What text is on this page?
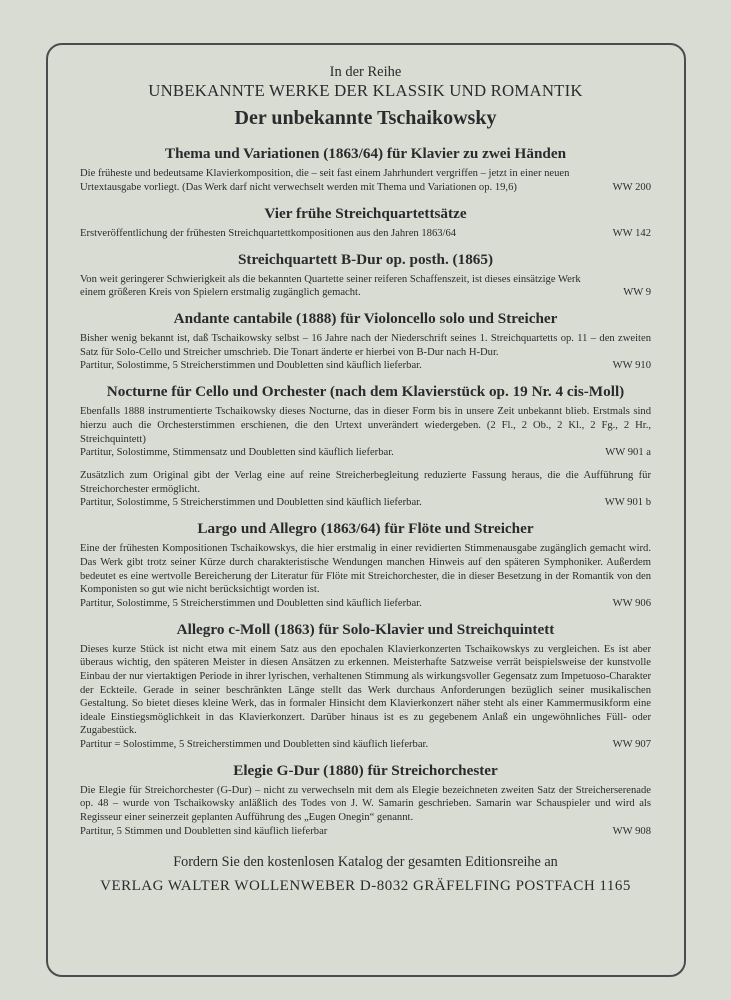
In der Reihe
UNBEKANNTE WERKE DER KLASSIK UND ROMANTIK
Der unbekannte Tschaikowsky
Thema und Variationen (1863/64) für Klavier zu zwei Händen
Die früheste und bedeutsame Klavierkomposition, die – seit fast einem Jahrhundert vergriffen – jetzt in einer neuen
Urtextausgabe vorliegt. (Das Werk darf nicht verwechselt werden mit Thema und Variationen op. 19,6)	WW 200
Vier frühe Streichquartettsätze
Erstveröffentlichung der frühesten Streichquartettkompositionen aus den Jahren 1863/64	WW 142
Streichquartett B-Dur op. posth. (1865)
Von weit geringerer Schwierigkeit als die bekannten Quartette seiner reiferen Schaffenszeit, ist dieses einsätzige Werk
einem größeren Kreis von Spielern erstmalig zugänglich gemacht.	WW 9
Andante cantabile (1888) für Violoncello solo und Streicher
Bisher wenig bekannt ist, daß Tschaikowsky selbst – 16 Jahre nach der Niederschrift seines 1. Streichquartetts op. 11 – den zweiten Satz für Solo-Cello und Streicher umschrieb. Die Tonart änderte er hierbei von B-Dur nach H-Dur.
Partitur, Solostimme, 5 Streicherstimmen und Doubletten sind käuflich lieferbar.	WW 910
Nocturne für Cello und Orchester (nach dem Klavierstück op. 19 Nr. 4 cis-Moll)
Ebenfalls 1888 instrumentierte Tschaikowsky dieses Nocturne, das in dieser Form bis in unsere Zeit unbekannt blieb. Erstmals sind hierzu auch die Orchesterstimmen erschienen, die den Urtext unverändert wiedergeben. (2 Fl., 2 Ob., 2 Kl., 2 Fg., 2 Hr., Streichquintett)
Partitur, Solostimme, Stimmensatz und Doubletten sind käuflich lieferbar.	WW 901 a
Zusätzlich zum Original gibt der Verlag eine auf reine Streicherbegleitung reduzierte Fassung heraus, die die Aufführung für Streichorchester ermöglicht.
Partitur, Solostimme, 5 Streicherstimmen und Doubletten sind käuflich lieferbar.	WW 901 b
Largo und Allegro (1863/64) für Flöte und Streicher
Eine der frühesten Kompositionen Tschaikowskys, die hier erstmalig in einer revidierten Stimmenausgabe zugänglich gemacht wird. Das Werk gibt trotz seiner Kürze durch charakteristische Wendungen manchen Hinweis auf den späteren Symphoniker. Außerdem bedeutet es eine wertvolle Bereicherung der Literatur für Flöte mit Streichorchester, die in dieser Besetzung in der Romantik von den Komponisten so gut wie nicht berücksichtigt worden ist.
Partitur, Solostimme, 5 Streicherstimmen und Doubletten sind käuflich lieferbar.	WW 906
Allegro c-Moll (1863) für Solo-Klavier und Streichquintett
Dieses kurze Stück ist nicht etwa mit einem Satz aus den epochalen Klavierkonzerten Tschaikowskys zu vergleichen. Es ist aber überaus wichtig, den späteren Meister in diesen Ansätzen zu erkennen. Meisterhafte Satzweise verrät beispielsweise der kunstvolle Einbau der nur viertaktigen Periode in ihrer lyrischen, verhaltenen Stimmung als wirkungsvoller Gegensatz zum Impetuoso-Charakter der Eckteile. Gerade in seiner beschränkten Länge stellt das Werk durchaus Anforderungen bezüglich seiner musikalischen Gestaltung. So bietet dieses kleine Werk, das in formaler Hinsicht dem Klavierkonzert näher steht als einer Kammermusikform eine ideale Einstiegsmöglichkeit in das Klavierkonzert. Darüber hinaus ist es zu gegebenem Anlaß ein ungewöhnliches Füll- oder Zugabestück.
Partitur = Solostimme, 5 Streicherstimmen und Doubletten sind käuflich lieferbar.	WW 907
Elegie G-Dur (1880) für Streichorchester
Die Elegie für Streichorchester (G-Dur) – nicht zu verwechseln mit dem als Elegie bezeichneten zweiten Satz der Streicherserenade op. 48 – wurde von Tschaikowsky anläßlich des Todes von J. W. Samarin geschrieben. Samarin war Schauspieler und wird als Regisseur einer seinerzeit geplanten Aufführung des „Eugen Onegin“ genannt.
Partitur, 5 Stimmen und Doubletten sind käuflich lieferbar	WW 908
Fordern Sie den kostenlosen Katalog der gesamten Editionsreihe an
VERLAG WALTER WOLLENWEBER D-8032 GRÄFELFING POSTFACH 1165
